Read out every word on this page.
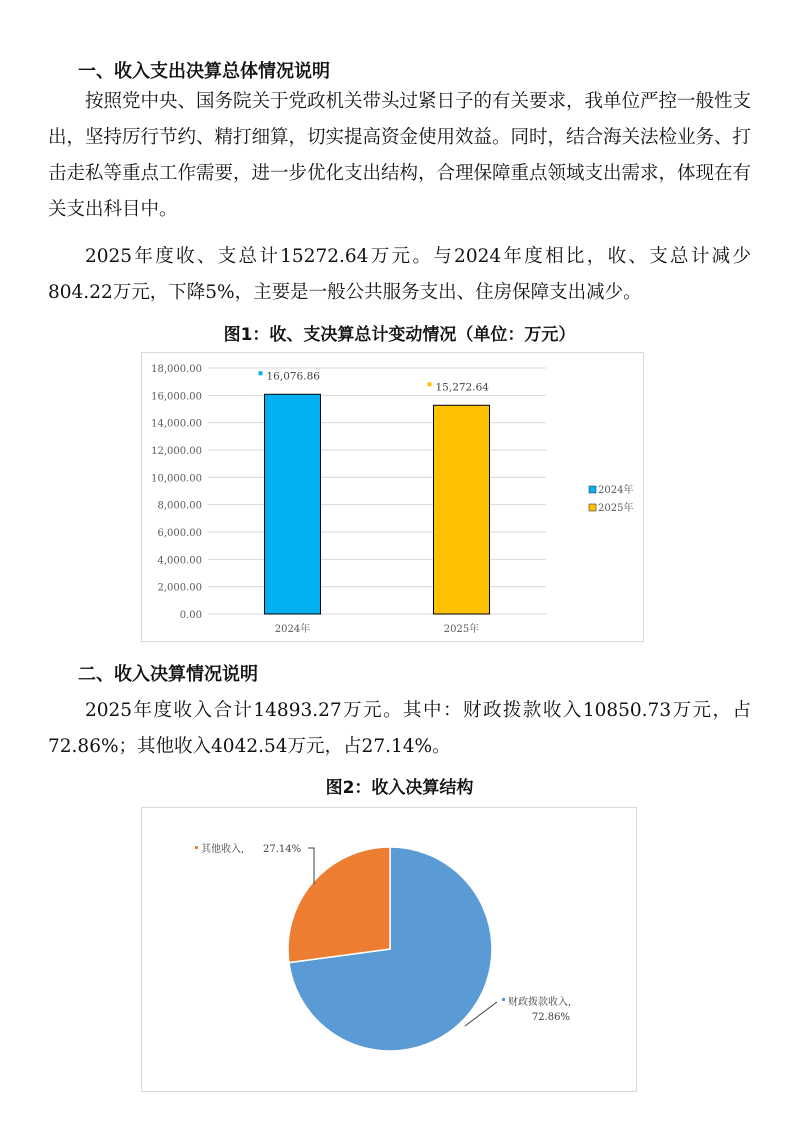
一、收入支出决算总体情况说明

按照党中央、国务院关于党政机关带头过紧日子的有关要求，我单位严控一般性支出，坚持厉行节约、精打细算，切实提高资金使用效益。同时，结合海关法检业务、打击走私等重点工作需要，进一步优化支出结构，合理保障重点领域支出需求，体现在有关支出科目中。

2025年度收、支总计15272.64万元。与2024年度相比，收、支总计减少804.22万元，下降5%，主要是一般公共服务支出、住房保障支出减少。

图1：收、支决算总计变动情况（单位：万元）
0.00
2,000.00
4,000.00
6,000.00
8,000.00
10,000.00
12,000.00
14,000.00
16,000.00
18,000.00
16,076.86
2024年
15,272.64
2025年
2024年
2025年
二、收入决算情况说明

2025年度收入合计14893.27万元。其中：财政拨款收入10850.73万元，占72.86%；其他收入4042.54万元，占27.14%。

图2：收入决算结构
财政拨款收入,
72.86%
其他收入, 27.14%
